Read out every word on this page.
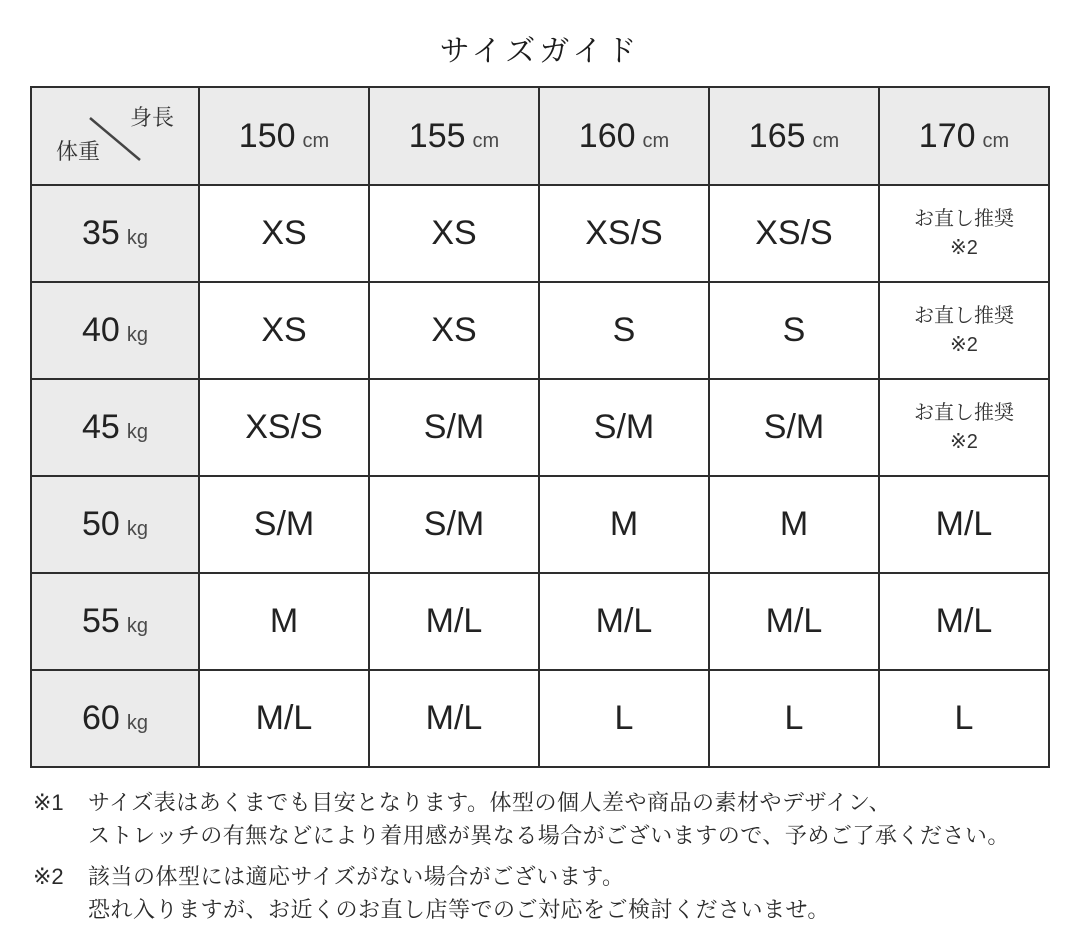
サイズガイド
身長
体重	150 cm	155 cm	160 cm	165 cm	170 cm
35 kg	XS	XS	XS/S	XS/S	お直し推奨
※2

40 kg	XS	XS	S	S	お直し推奨
※2

45 kg	XS/S	S/M	S/M	S/M	お直し推奨
※2

50 kg	S/M	S/M	M	M	M/L
55 kg	M	M/L	M/L	M/L	M/L
60 kg	M/L	M/L	L	L	L
※1	サイズ表はあくまでも目安となります。体型の個人差や商品の素材やデザイン、
ストレッチの有無などにより着用感が異なる場合がございますので、予めご了承ください。
※2	該当の体型には適応サイズがない場合がございます。
恐れ入りますが、お近くのお直し店等でのご対応をご検討くださいませ。
